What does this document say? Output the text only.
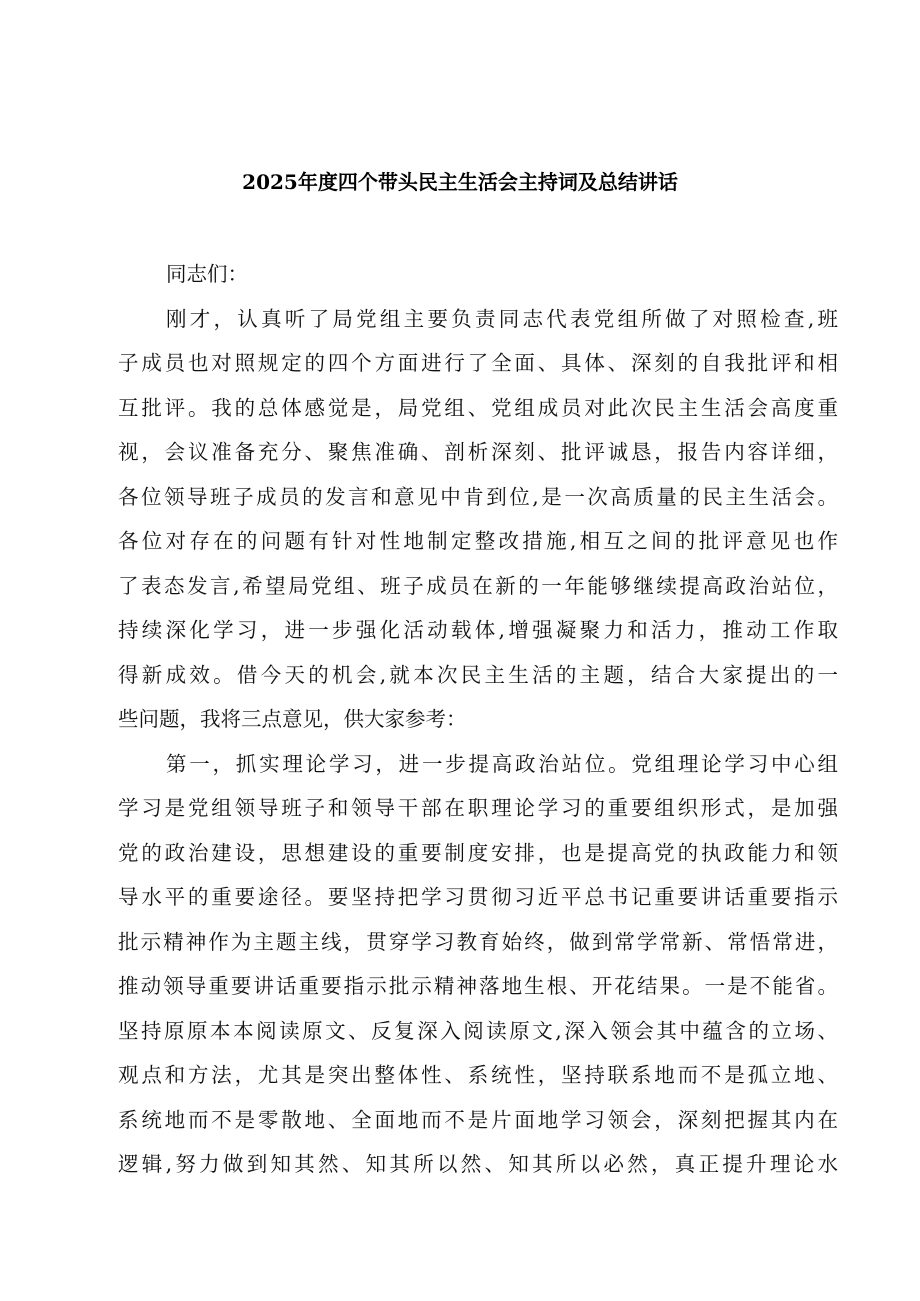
2025年度四个带头民主生活会主持词及总结讲话
同志们：
刚才，认真听了局党组主要负责同志代表党组所做了对照检查,班
子成员也对照规定的四个方面进行了全面、具体、深刻的自我批评和相
互批评。我的总体感觉是，局党组、党组成员对此次民主生活会高度重
视，会议准备充分、聚焦准确、剖析深刻、批评诚恳，报告内容详细，
各位领导班子成员的发言和意见中肯到位,是一次高质量的民主生活会。
各位对存在的问题有针对性地制定整改措施,相互之间的批评意见也作
了表态发言,希望局党组、班子成员在新的一年能够继续提高政治站位，
持续深化学习，进一步强化活动载体,增强凝聚力和活力，推动工作取
得新成效。借今天的机会,就本次民主生活的主题，结合大家提出的一
些问题，我将三点意见，供大家参考：
第一，抓实理论学习，进一步提高政治站位。党组理论学习中心组
学习是党组领导班子和领导干部在职理论学习的重要组织形式，是加强
党的政治建设，思想建设的重要制度安排，也是提高党的执政能力和领
导水平的重要途径。要坚持把学习贯彻习近平总书记重要讲话重要指示
批示精神作为主题主线，贯穿学习教育始终，做到常学常新、常悟常进，
推动领导重要讲话重要指示批示精神落地生根、开花结果。一是不能省。
坚持原原本本阅读原文、反复深入阅读原文,深入领会其中蕴含的立场、
观点和方法，尤其是突出整体性、系统性，坚持联系地而不是孤立地、
系统地而不是零散地、全面地而不是片面地学习领会，深刻把握其内在
逻辑,努力做到知其然、知其所以然、知其所以必然，真正提升理论水
